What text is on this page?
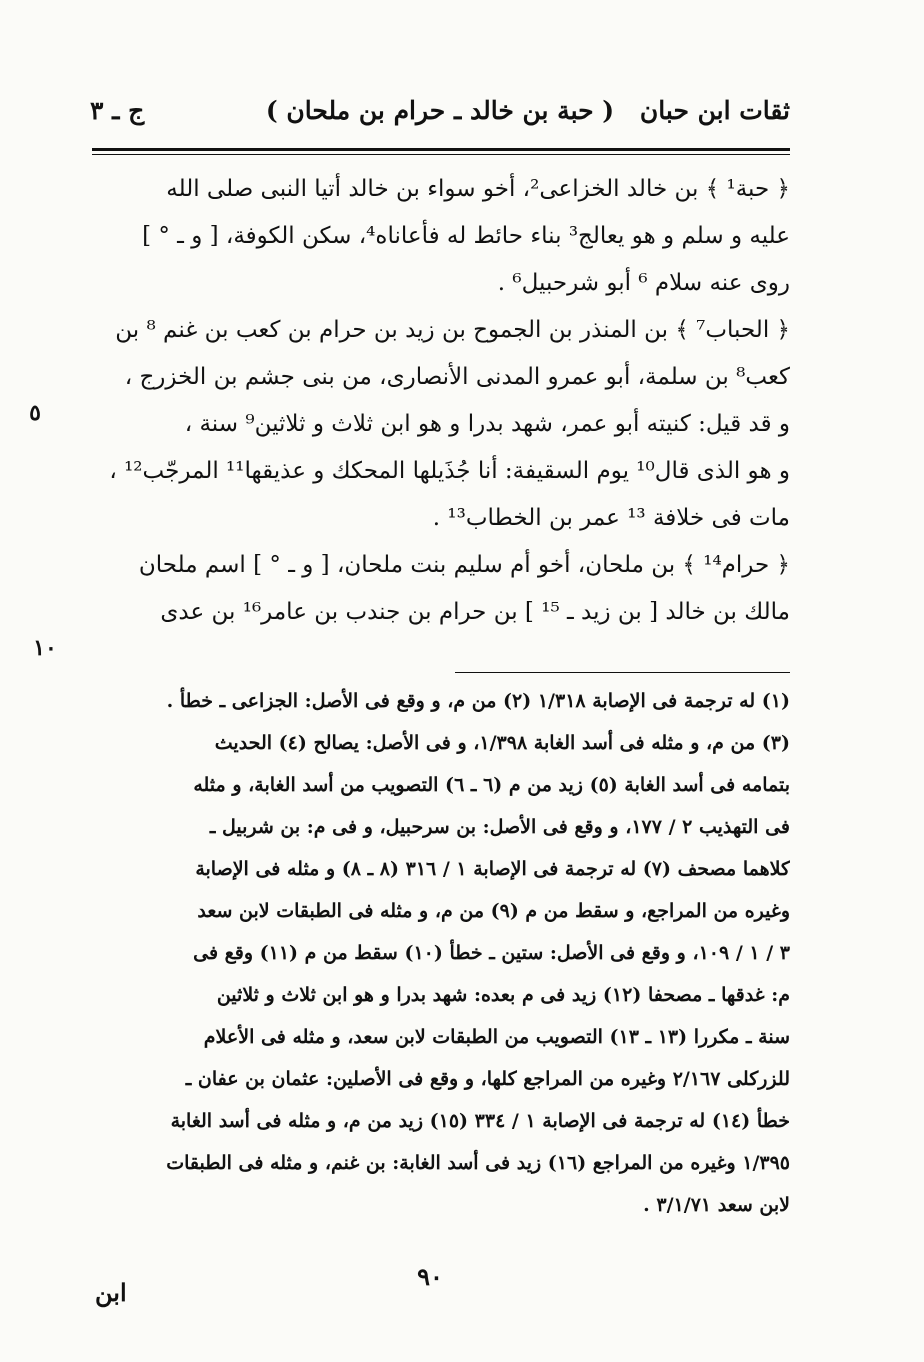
ثقات ابن حبان
( حبة بن خالد ـ حرام بن ملحان )
ج ـ ٣
﴿ حبة¹ ﴾ بن خالد الخزاعى²، أخو سواء بن خالد أتيا النبى صلى الله
عليه و سلم و هو يعالج³ بناء حائط له فأعاناه⁴، سكن الكوفة، [ و ـ ° ]
روى عنه سلام ⁶ أبو شرحبيل⁶ .
﴿ الحباب⁷ ﴾ بن المنذر بن الجموح بن زيد بن حرام بن كعب بن غنم ⁸ بن
كعب⁸ بن سلمة، أبو عمرو المدنى الأنصارى، من بنى جشم بن الخزرج ،
و قد قيل: كنيته أبو عمر، شهد بدرا و هو ابن ثلاث و ثلاثين⁹ سنة ،
و هو الذى قال¹⁰ يوم السقيفة: أنا جُذَيلها المحكك و عذيقها¹¹ المرجّب¹² ،
مات فى خلافة ¹³ عمر بن الخطاب¹³ .
﴿ حرام¹⁴ ﴾ بن ملحان، أخو أم سليم بنت ملحان، [ و ـ ° ] اسم ملحان
مالك بن خالد [ بن زيد ـ ¹⁵ ] بن حرام بن جندب بن عامر¹⁶ بن عدى
٥
١٠
(١) له ترجمة فى الإصابة ١/٣١٨ (٢) من م، و وقع فى الأصل: الجزاعى ـ خطأ .
(٣) من م، و مثله فى أسد الغابة ١/٣٩٨، و فى الأصل: يصالح (٤) الحديث
بتمامه فى أسد الغابة (٥) زيد من م (٦ ـ ٦) التصويب من أسد الغابة، و مثله
فى التهذيب ٢ / ١٧٧، و وقع فى الأصل: بن سرحبيل، و فى م: بن شربيل ـ
كلاهما مصحف (٧) له ترجمة فى الإصابة ١ / ٣١٦ (٨ ـ ٨) و مثله فى الإصابة
وغيره من المراجع، و سقط من م (٩) من م، و مثله فى الطبقات لابن سعد
٣ / ١ / ١٠٩، و وقع فى الأصل: ستين ـ خطأ (١٠) سقط من م (١١) وقع فى
م: غدقها ـ مصحفا (١٢) زيد فى م بعده: شهد بدرا و هو ابن ثلاث و ثلاثين
سنة ـ مكررا (١٣ ـ ١٣) التصويب من الطبقات لابن سعد، و مثله فى الأعلام
للزركلى ٢/١٦٧ وغيره من المراجع كلها، و وقع فى الأصلين: عثمان بن عفان ـ
خطأ (١٤) له ترجمة فى الإصابة ١ / ٣٣٤ (١٥) زيد من م، و مثله فى أسد الغابة
١/٣٩٥ وغيره من المراجع (١٦) زيد فى أسد الغابة: بن غنم، و مثله فى الطبقات
لابن سعد ٣/١/٧١ .
٩٠
ابن
